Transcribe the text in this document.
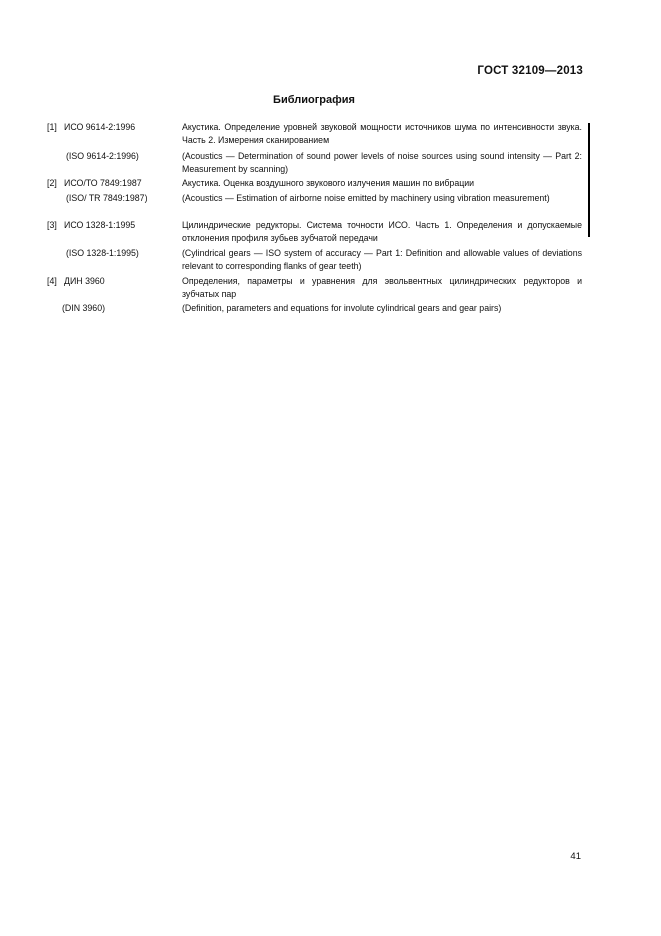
ГОСТ 32109—2013
Библиография
[1] ИСО 9614-2:1996	Акустика. Определение уровней звуковой мощности источников шума по интенсивности звука. Часть 2. Измерения сканированием
(ISO 9614-2:1996)	(Acoustics — Determination of sound power levels of noise sources using sound intensity — Part 2: Measurement by scanning)
[2] ИСО/ТО 7849:1987	Акустика. Оценка воздушного звукового излучения машин по вибрации
(ISO/ TR 7849:1987)	(Acoustics — Estimation of airborne noise emitted by machinery using vibration measurement)
[3] ИСО 1328-1:1995	Цилиндрические редукторы. Система точности ИСО. Часть 1. Определения и допускаемые отклонения профиля зубьев зубчатой передачи
(ISO 1328-1:1995)	(Cylindrical gears — ISO system of accuracy — Part 1: Definition and allowable values of deviations relevant to corresponding flanks of gear teeth)
[4] ДИН 3960	Определения, параметры и уравнения для эвольвентных цилиндрических редукторов и зубчатых пар
(DIN 3960)	(Definition, parameters and equations for involute cylindrical gears and gear pairs)
41
